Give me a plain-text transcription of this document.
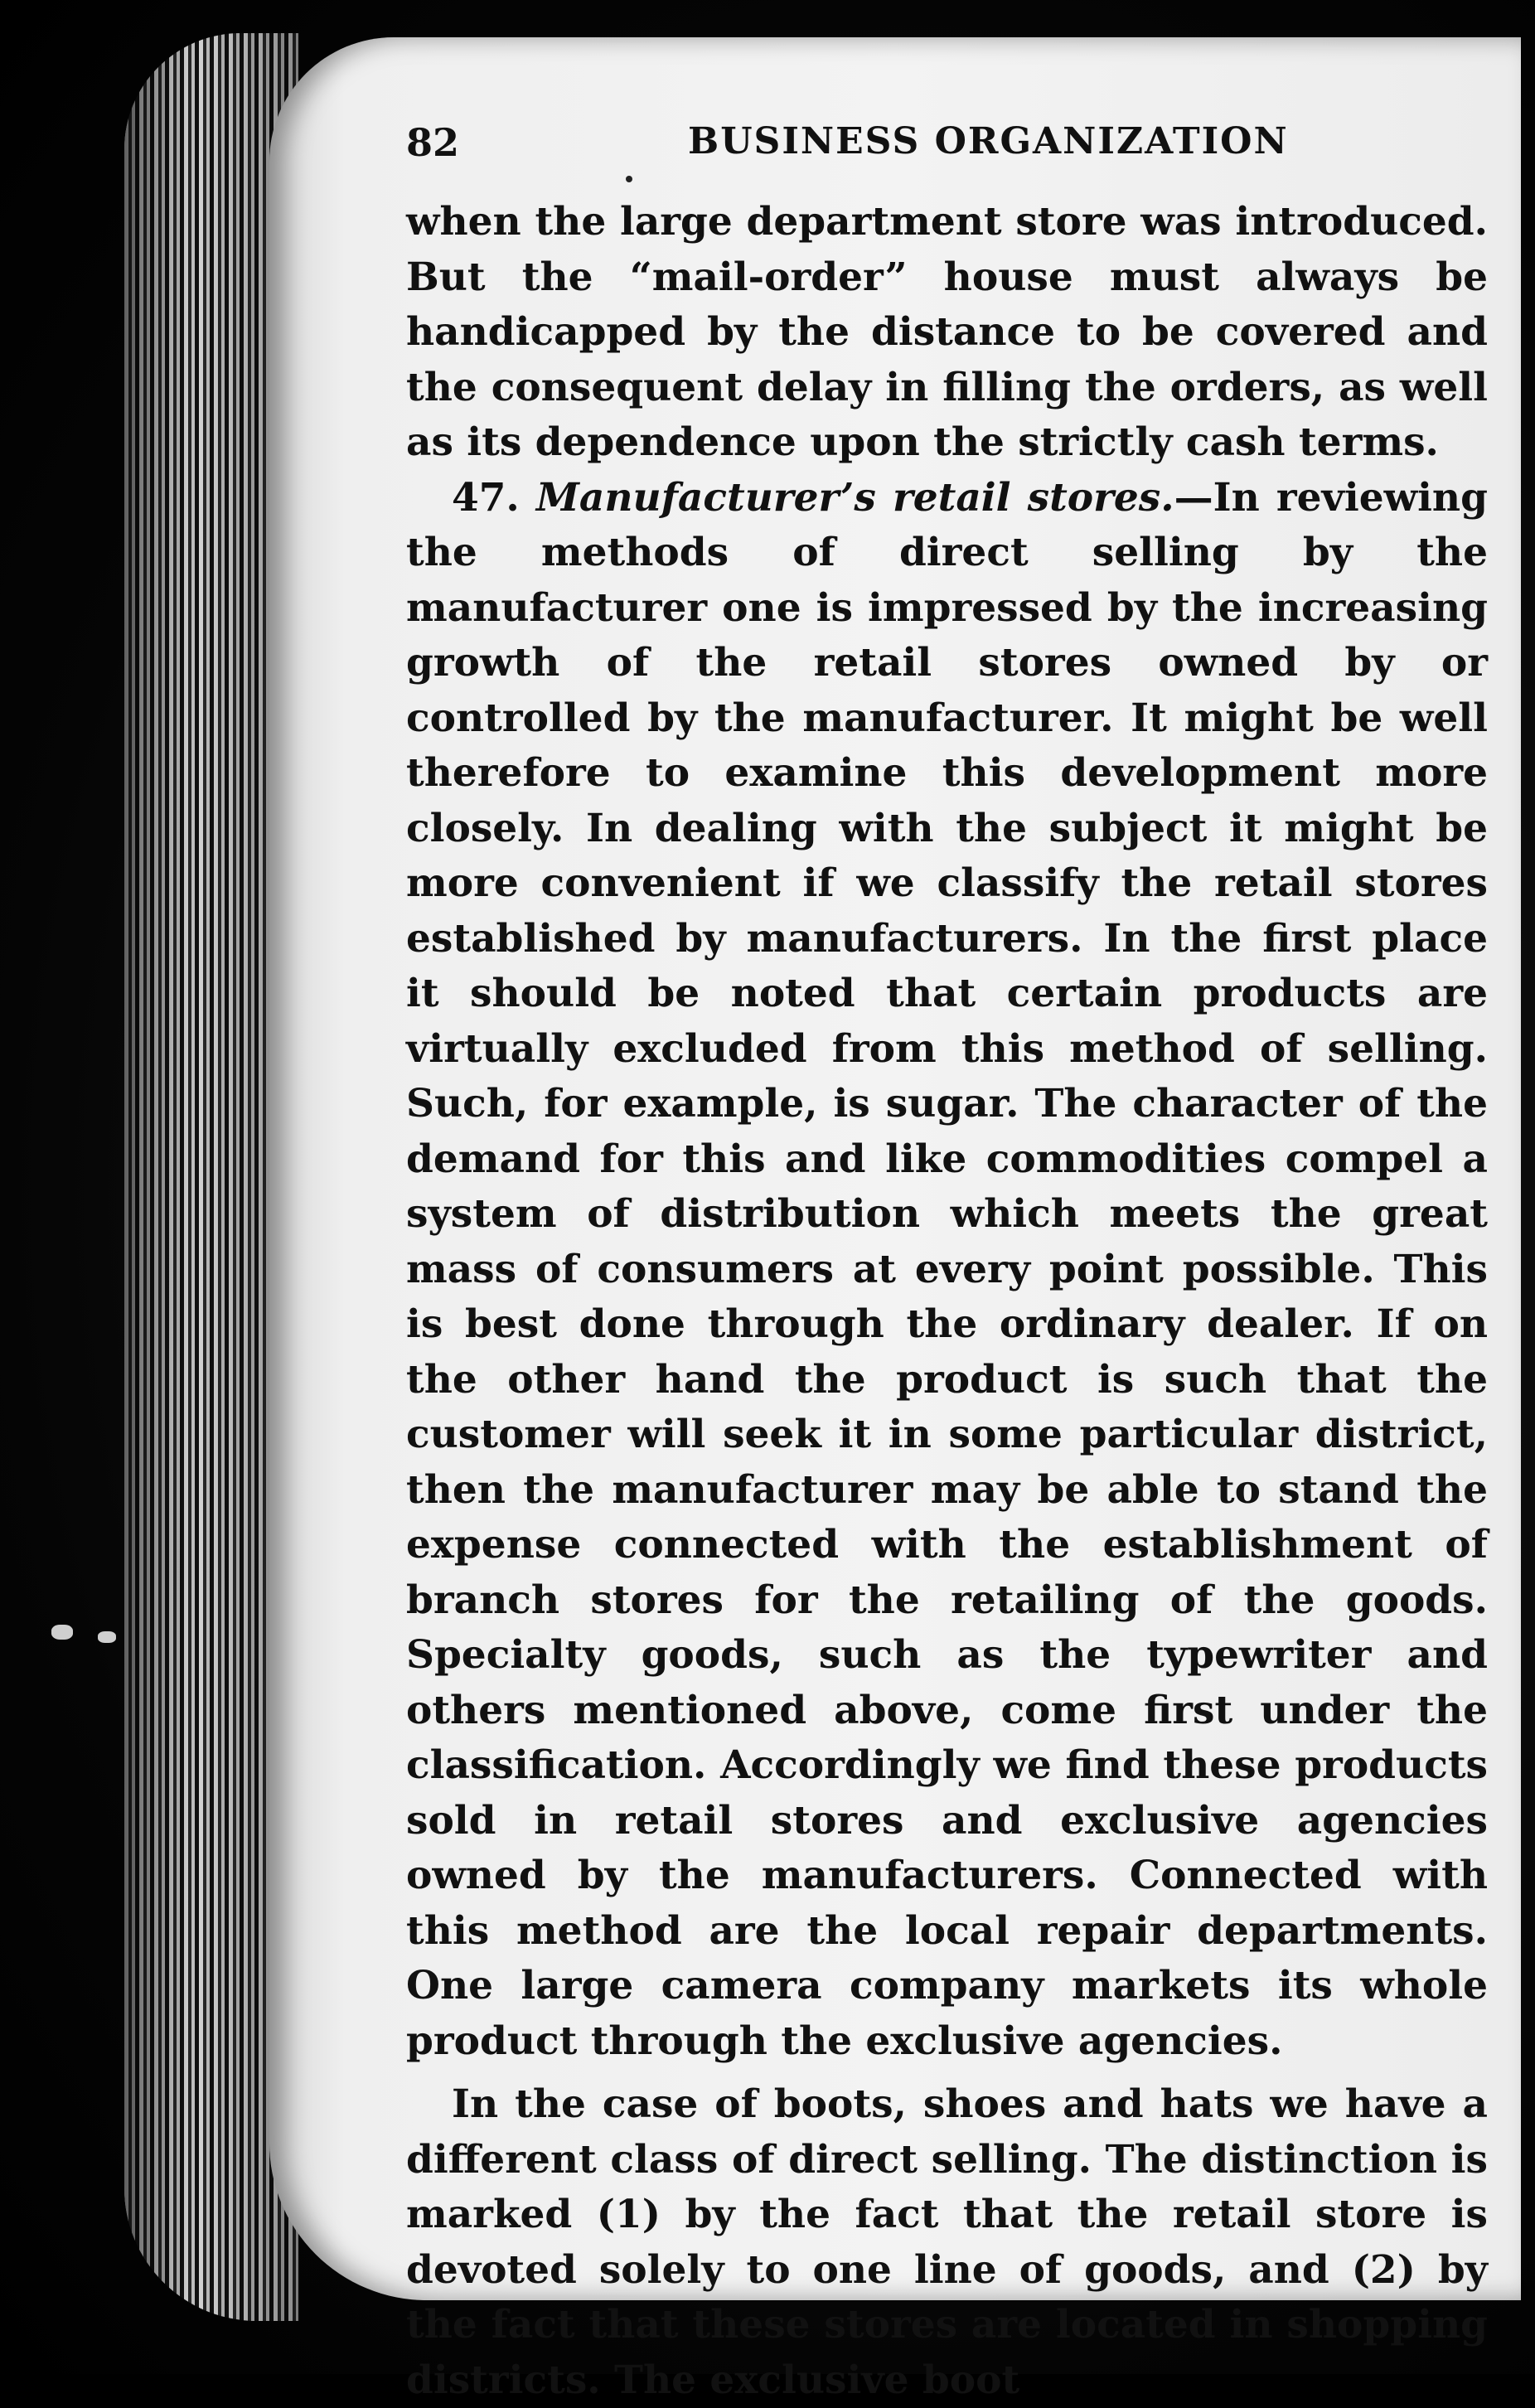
82	BUSINESS ORGANIZATION

when the large department store was introduced. But the “mail-order” house must always be handicapped by the distance to be covered and the consequent delay in filling the orders, as well as its dependence upon the strictly cash terms.

47. Manufacturer’s retail stores.—In reviewing the methods of direct selling by the manufacturer one is impressed by the increasing growth of the retail stores owned by or controlled by the manufacturer. It might be well therefore to examine this development more closely. In dealing with the subject it might be more convenient if we classify the retail stores established by manufacturers. In the first place it should be noted that certain products are virtually excluded from this method of selling. Such, for example, is sugar. The character of the demand for this and like commodities compel a system of distribution which meets the great mass of consumers at every point possible. This is best done through the ordinary dealer. If on the other hand the product is such that the customer will seek it in some particular district, then the manufacturer may be able to stand the expense connected with the establishment of branch stores for the retailing of the goods. Specialty goods, such as the typewriter and others mentioned above, come first under the classification. Accordingly we find these products sold in retail stores and exclusive agencies owned by the manufacturers. Connected with this method are the local repair departments. One large camera company markets its whole product through the exclusive agencies.

In the case of boots, shoes and hats we have a different class of direct selling. The distinction is marked (1) by the fact that the retail store is devoted solely to one line of goods, and (2) by the fact that these stores are located in shopping districts. The exclusive boot
